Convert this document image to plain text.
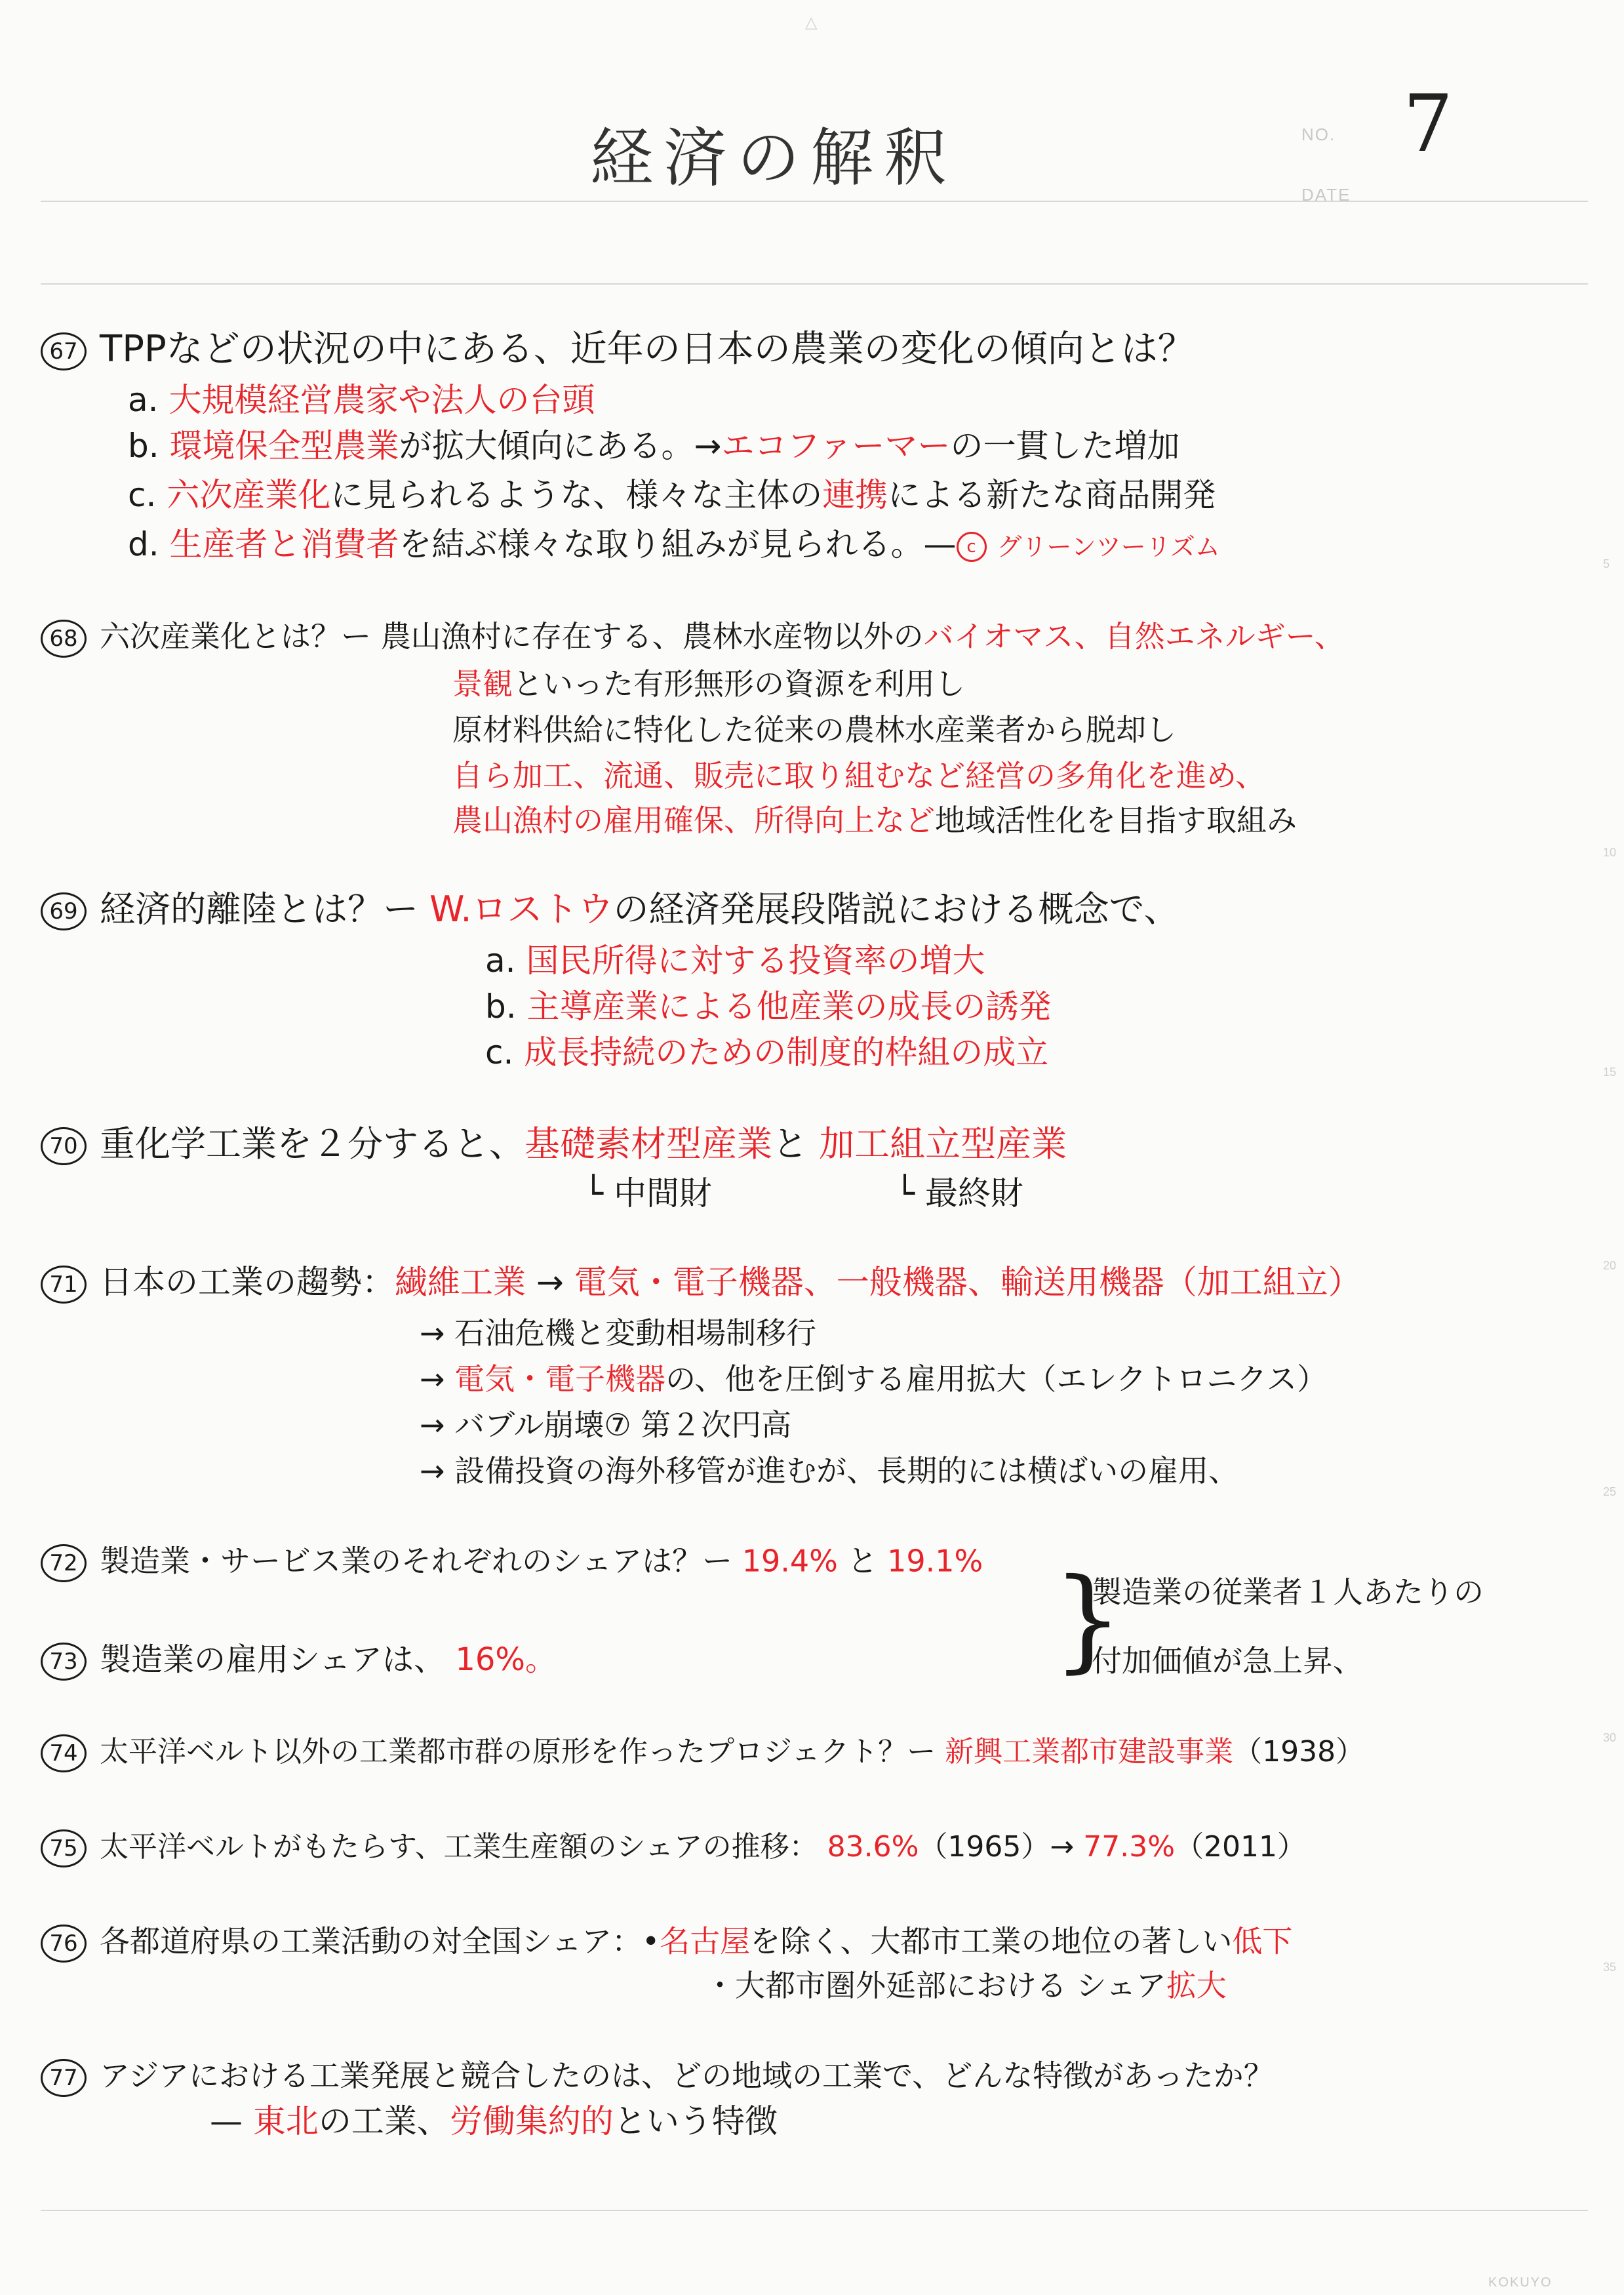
△
経済の解釈	NO.
DATE
7
5
10
15
20
25
30
35
67 TPPなどの状況の中にある、近年の日本の農業の変化の傾向とは？
a. 大規模経営農家や法人の台頭
b. 環境保全型農業が拡大傾向にある。→エコファーマーの一貫した増加
c. 六次産業化に見られるような、様々な主体の連携による新たな商品開発
d. 生産者と消費者を結ぶ様々な取り組みが見られる。— c グリーンツーリズム
68 六次産業化とは？ー 農山漁村に存在する、農林水産物以外のバイオマス、自然エネルギー、
景観といった有形無形の資源を利用し
原材料供給に特化した従来の農林水産業者から脱却し
自ら加工、流通、販売に取り組むなど経営の多角化を進め、
農山漁村の雇用確保、所得向上など地域活性化を目指す取組み
69 経済的離陸とは？ー W.ロストウの経済発展段階説における概念で、
a. 国民所得に対する投資率の増大
b. 主導産業による他産業の成長の誘発
c. 成長持続のための制度的枠組の成立
70 重化学工業を２分すると、基礎素材型産業と 加工組立型産業
└ 中間財	└ 最終財
71 日本の工業の趨勢：繊維工業 → 電気・電子機器、一般機器、輸送用機器（加工組立）
→ 石油危機と変動相場制移行
→ 電気・電子機器の、他を圧倒する雇用拡大（エレクトロニクス）
→ バブル崩壊⑦ 第２次円高
→ 設備投資の海外移管が進むが、長期的には横ばいの雇用、
72 製造業・サービス業のそれぞれのシェアは？ー 19.4% と 19.1% }
製造業の従業者１人あたりの
付加価値が急上昇、
73 製造業の雇用シェアは、 16%。
74 太平洋ベルト以外の工業都市群の原形を作ったプロジェクト？ー 新興工業都市建設事業（1938）
75 太平洋ベルトがもたらす、工業生産額のシェアの推移： 83.6%（1965）→ 77.3%（2011）
76 各都道府県の工業活動の対全国シェア：•名古屋を除く、大都市工業の地位の著しい低下
・大都市圏外延部における シェア拡大
77 アジアにおける工業発展と競合したのは、どの地域の工業で、どんな特徴があったか？
— 東北の工業、労働集約的という特徴
KOKUYO
